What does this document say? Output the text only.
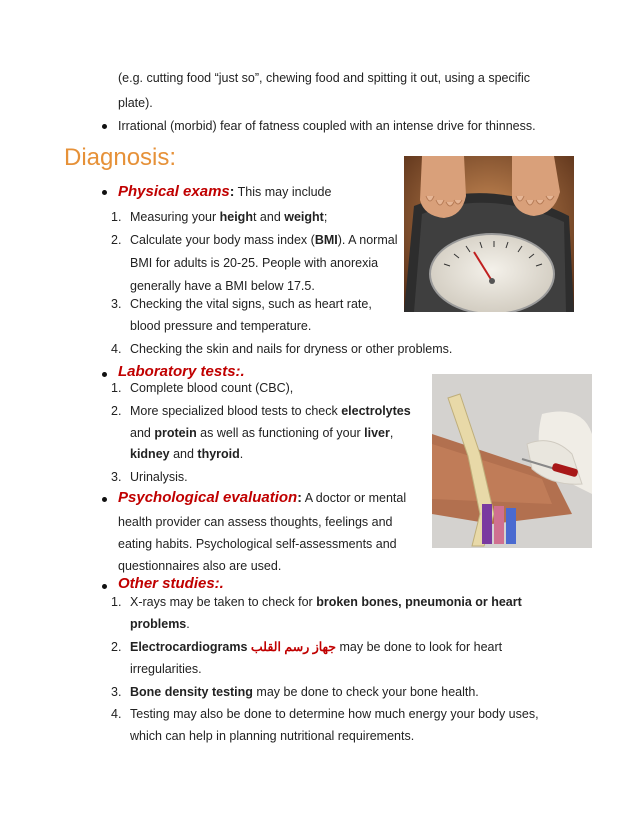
(e.g. cutting food “just so”, chewing food and spitting it out, using a specific
plate).
Irrational (morbid) fear of fatness coupled with an intense drive for thinness.
Diagnosis:
Physical exams: This may include
1. Measuring your height and weight;
2. Calculate your body mass index (BMI). A normal
BMI for adults is 20-25. People with anorexia
generally have a BMI below 17.5.
3. Checking the vital signs, such as heart rate,
blood pressure and temperature.
4. Checking the skin and nails for dryness or other problems.
Laboratory tests:.
1. Complete blood count (CBC),
2. More specialized blood tests to check electrolytes
and protein as well as functioning of your liver,
kidney and thyroid.
3. Urinalysis.
Psychological evaluation: A doctor or mental
health provider can assess thoughts, feelings and
eating habits. Psychological self-assessments and
questionnaires also are used.
Other studies:.
1. X-rays may be taken to check for broken bones, pneumonia or heart
problems.
2. Electrocardiograms جهاز رسم القلب may be done to look for heart
irregularities.
3. Bone density testing may be done to check your bone health.
4. Testing may also be done to determine how much energy your body uses,
which can help in planning nutritional requirements.
